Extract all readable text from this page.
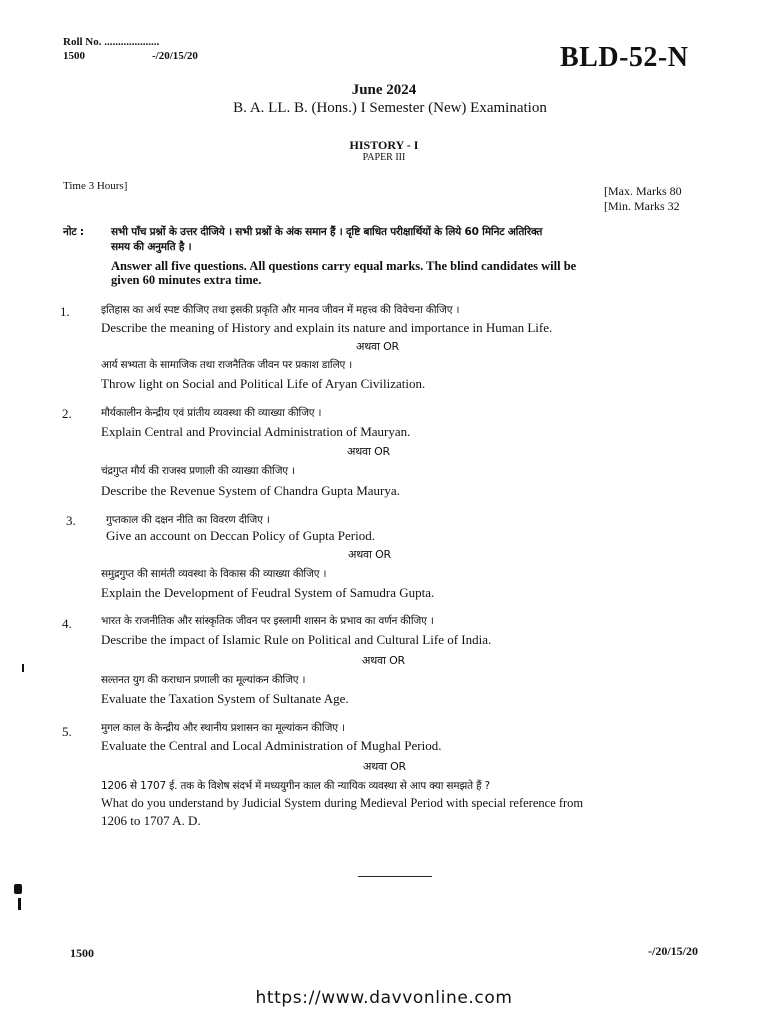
Roll No. ....................
1500	-/20/15/20	BLD-52-N
June 2024
B. A. LL. B. (Hons.) I Semester (New) Examination
HISTORY - I
PAPER III
Time 3 Hours]	[Max. Marks 80
[Min. Marks 32
नोट :	सभी पाँच प्रश्नों के उत्तर दीजिये । सभी प्रश्नों के अंक समान हैं । दृष्टि बाधित परीक्षार्थियों के लिये 60 मिनिट अतिरिक्त
समय की अनुमति है ।
Answer all five questions. All questions carry equal marks. The blind candidates will be
given 60 minutes extra time.
1.	इतिहास का अर्थ स्पष्ट कीजिए तथा इसकी प्रकृति और मानव जीवन में महत्त्व की विवेचना कीजिए ।
Describe the meaning of History and explain its nature and importance in Human Life.
अथवा OR
आर्य सभ्यता के सामाजिक तथा राजनैतिक जीवन पर प्रकाश डालिए ।
Throw light on Social and Political Life of Aryan Civilization.
2.	मौर्यकालीन केन्द्रीय एवं प्रांतीय व्यवस्था की व्याख्या कीजिए ।
Explain Central and Provincial Administration of Mauryan.
अथवा OR
चंद्रगुप्त मौर्य की राजस्व प्रणाली की व्याख्या कीजिए ।
Describe the Revenue System of Chandra Gupta Maurya.
3.	गुप्तकाल की दक्षन नीति का विवरण दीजिए ।
Give an account on Deccan Policy of Gupta Period.
अथवा OR
समुद्रगुप्त की सामंती व्यवस्था के विकास की व्याख्या कीजिए ।
Explain the Development of Feudral System of Samudra Gupta.
4.	भारत के राजनीतिक और सांस्कृतिक जीवन पर इस्लामी शासन के प्रभाव का वर्णन कीजिए ।
Describe the impact of Islamic Rule on Political and Cultural Life of India.
अथवा OR
सल्तनत युग की कराधान प्रणाली का मूल्यांकन कीजिए ।
Evaluate the Taxation System of Sultanate Age.
5.	मुगल काल के केन्द्रीय और स्थानीय प्रशासन का मूल्यांकन कीजिए ।
Evaluate the Central and Local Administration of Mughal Period.
अथवा OR
1206 से 1707 ई. तक के विशेष संदर्भ में मध्ययुगीन काल की न्यायिक व्यवस्था से आप क्या समझते हैं ?
What do you understand by Judicial System during Medieval Period with special reference from
1206 to 1707 A. D.
1500	-/20/15/20
https://www.davvonline.com
